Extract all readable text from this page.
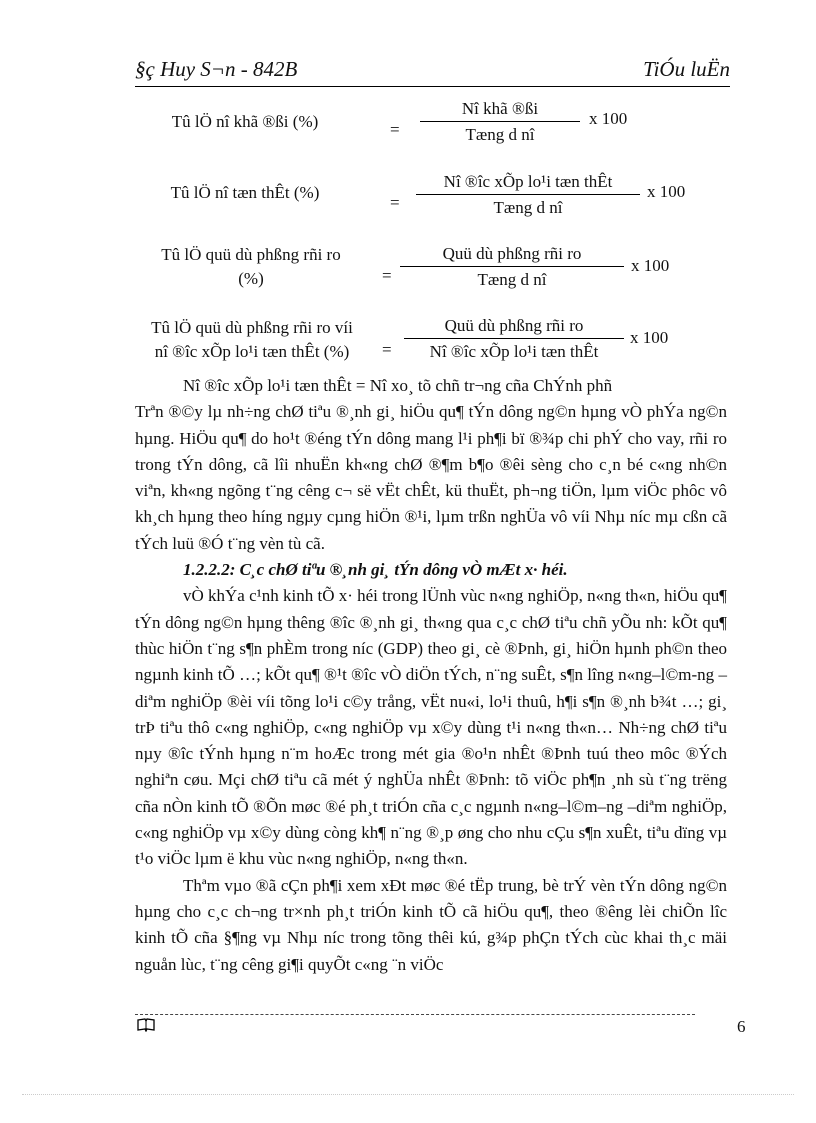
§ç Huy S¬n - 842B	TiÓu luËn
Tû lÖ nî khã ®ßi (%)	=
Nî khã ®ßi
Tæng d nî
x 100
Tû lÖ nî tæn thÊt (%)
=
Nî ®îc xÕp lo¹i tæn thÊt
Tæng d nî
x 100
Tû lÖ quü dù phßng rñi ro
(%)	=
Quü dù phßng rñi ro
Tæng d nî
x 100
Tû lÖ quü dù phßng rñi ro víi
nî ®îc xÕp lo¹i tæn thÊt (%)	=
Quü dù phßng rñi ro
Nî ®îc xÕp lo¹i tæn thÊt
x 100

Nî ®îc xÕp lo¹i tæn thÊt = Nî xo¸ tõ chñ tr¬ng cña ChÝnh phñ

Trªn ®©y lµ nh÷ng chØ tiªu ®¸nh gi¸ hiÖu qu¶ tÝn dông ng©n hµng vÒ phÝa ng©n hµng. HiÖu qu¶ do ho¹t ®éng tÝn dông mang l¹i ph¶i bï ®¾p chi phÝ cho vay, rñi ro trong tÝn dông, cã lîi nhuËn kh«ng chØ ®¶m b¶o ®êi sèng cho c¸n bé c«ng nh©n viªn, kh«ng ngõng t¨ng cêng c¬ së vËt chÊt, kü thuËt, ph¬ng tiÖn, lµm viÖc phôc vô kh¸ch hµng theo híng ngµy cµng hiÖn ®¹i, lµm trßn nghÜa vô víi Nhµ níc mµ cßn cã tÝch luü ®Ó t¨ng vèn tù cã.

1.2.2.2: C¸c chØ tiªu ®¸nh gi¸ tÝn dông vÒ mÆt x· héi.

vÒ khÝa c¹nh kinh tÕ x· héi trong lÜnh vùc n«ng nghiÖp, n«ng th«n, hiÖu qu¶ tÝn dông ng©n hµng thêng ®îc ®¸nh gi¸ th«ng qua c¸c chØ tiªu chñ yÕu nh: kÕt qu¶ thùc hiÖn t¨ng s¶n phÈm trong níc (GDP) theo gi¸ cè ®Þnh, gi¸ hiÖn hµnh ph©n theo ngµnh kinh tÕ …; kÕt qu¶ ®¹t ®îc vÒ diÖn tÝch, n¨ng suÊt, s¶n lîng n«ng–l©m-ng –diªm nghiÖp ®èi víi tõng lo¹i c©y trång, vËt nu«i, lo¹i thuû, h¶i s¶n ®¸nh b¾t …; gi¸ trÞ tiªu thô c«ng nghiÖp, c«ng nghiÖp vµ x©y dùng t¹i n«ng th«n… Nh÷ng chØ tiªu nµy ®îc tÝnh hµng n¨m hoÆc trong mét gia ®o¹n nhÊt ®Þnh tuú theo môc ®Ých nghiªn cøu. Mçi chØ tiªu cã mét ý nghÜa nhÊt ®Þnh: tõ viÖc ph¶n ¸nh sù t¨ng trëng cña nÒn kinh tÕ ®Õn møc ®é ph¸t triÓn cña c¸c ngµnh n«ng–l©m–ng –diªm nghiÖp, c«ng nghiÖp vµ x©y dùng còng kh¶ n¨ng ®¸p øng cho nhu cÇu s¶n xuÊt, tiªu dïng vµ t¹o viÖc lµm ë khu vùc n«ng nghiÖp, n«ng th«n.

Thªm vµo ®ã cÇn ph¶i xem xÐt møc ®é tËp trung, bè trÝ vèn tÝn dông ng©n hµng cho c¸c ch¬ng tr×nh ph¸t triÓn kinh tÕ cã hiÖu qu¶, theo ®êng lèi chiÕn lîc kinh tÕ cña §¶ng vµ Nhµ níc trong tõng thêi kú, g¾p phÇn tÝch cùc khai th¸c mäi nguån lùc, t¨ng cêng gi¶i quyÕt c«ng ¨n viÖc

6
